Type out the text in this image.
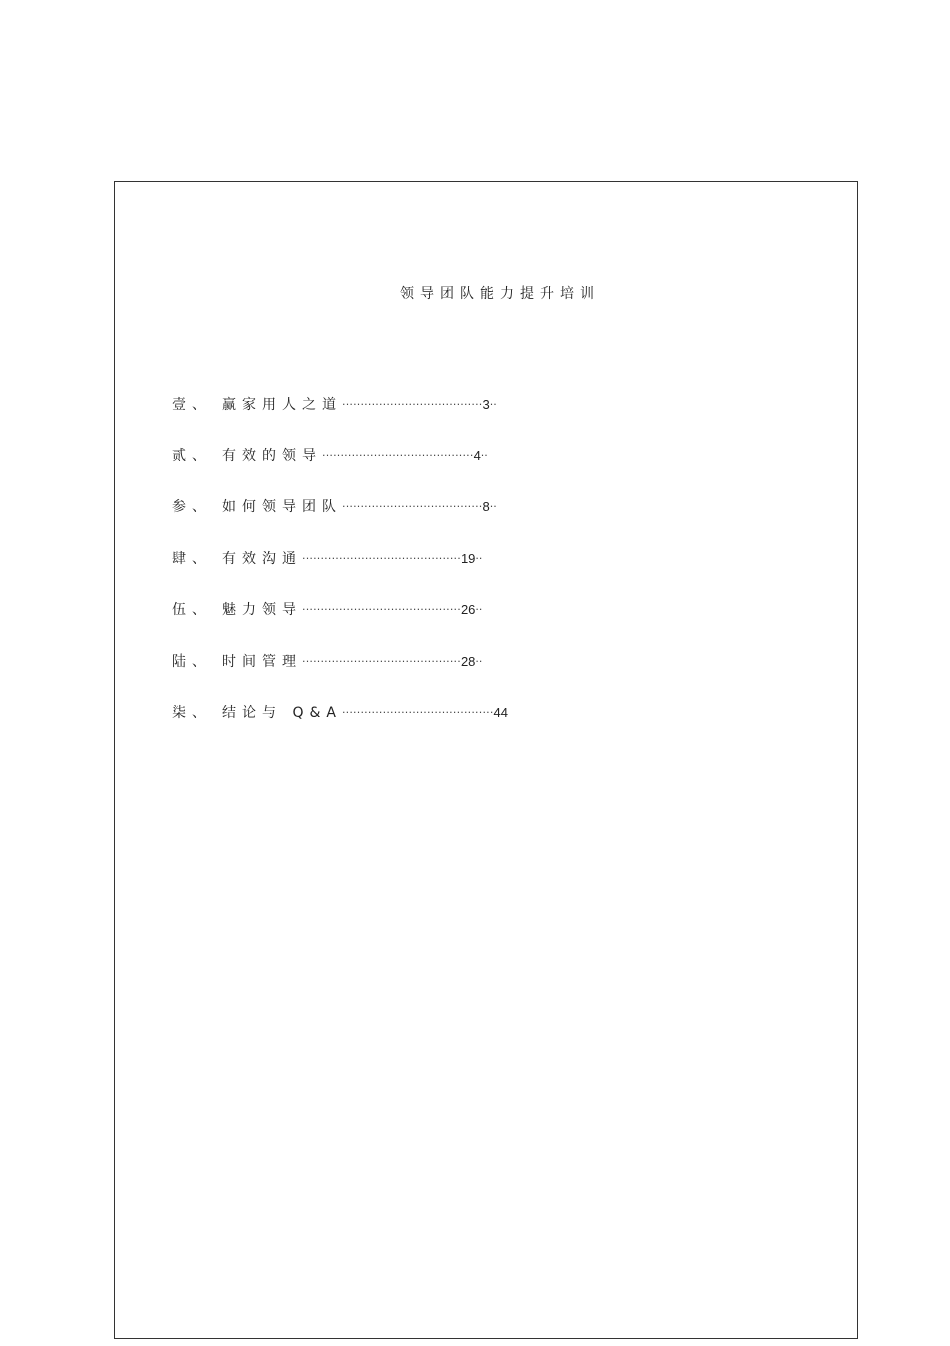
领导团队能力提升培训
壹 、 赢家用人之道 ······································ 3 ··
贰 、 有效的领导 ········································· 4 ··
参 、 如何领导团队 ······································ 8 ··
肆 、 有效沟通 ··········································· 19 ··
伍 、 魅力领导 ··········································· 26 ··
陆 、 时间管理 ··········································· 28 ··
柒 、 结论与 Q&A ········································· 44
